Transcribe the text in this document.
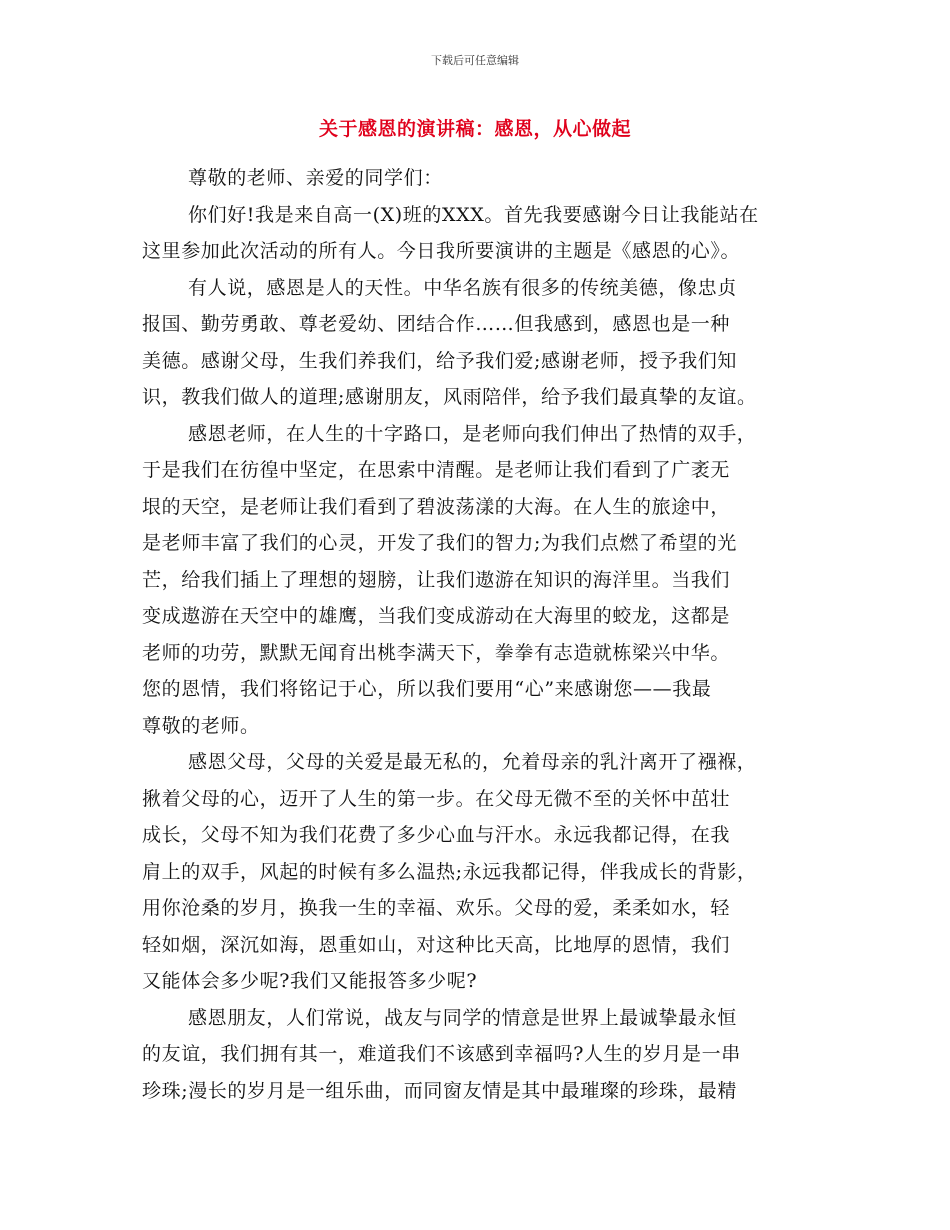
下载后可任意编辑
关于感恩的演讲稿：感恩，从心做起
尊敬的老师、亲爱的同学们：
你们好!我是来自高一(X)班的XXX。首先我要感谢今日让我能站在
这里参加此次活动的所有人。今日我所要演讲的主题是《感恩的心》。
有人说，感恩是人的天性。中华名族有很多的传统美德，像忠贞
报国、勤劳勇敢、尊老爱幼、团结合作……但我感到，感恩也是一种
美德。感谢父母，生我们养我们，给予我们爱;感谢老师，授予我们知
识，教我们做人的道理;感谢朋友，风雨陪伴，给予我们最真挚的友谊。
感恩老师，在人生的十字路口，是老师向我们伸出了热情的双手，
于是我们在彷徨中坚定，在思索中清醒。是老师让我们看到了广袤无
垠的天空，是老师让我们看到了碧波荡漾的大海。在人生的旅途中，
是老师丰富了我们的心灵，开发了我们的智力;为我们点燃了希望的光
芒，给我们插上了理想的翅膀，让我们遨游在知识的海洋里。当我们
变成遨游在天空中的雄鹰，当我们变成游动在大海里的蛟龙，这都是
老师的功劳，默默无闻育出桃李满天下，拳拳有志造就栋梁兴中华。
您的恩情，我们将铭记于心，所以我们要用“心”来感谢您——我最
尊敬的老师。
感恩父母，父母的关爱是最无私的，允着母亲的乳汁离开了襁褓，
揪着父母的心，迈开了人生的第一步。在父母无微不至的关怀中茁壮
成长，父母不知为我们花费了多少心血与汗水。永远我都记得，在我
肩上的双手，风起的时候有多么温热;永远我都记得，伴我成长的背影，
用你沧桑的岁月，换我一生的幸福、欢乐。父母的爱，柔柔如水，轻
轻如烟，深沉如海，恩重如山，对这种比天高，比地厚的恩情，我们
又能体会多少呢?我们又能报答多少呢?
感恩朋友，人们常说，战友与同学的情意是世界上最诚挚最永恒
的友谊，我们拥有其一，难道我们不该感到幸福吗?人生的岁月是一串
珍珠;漫长的岁月是一组乐曲，而同窗友情是其中最璀璨的珍珠，最精
